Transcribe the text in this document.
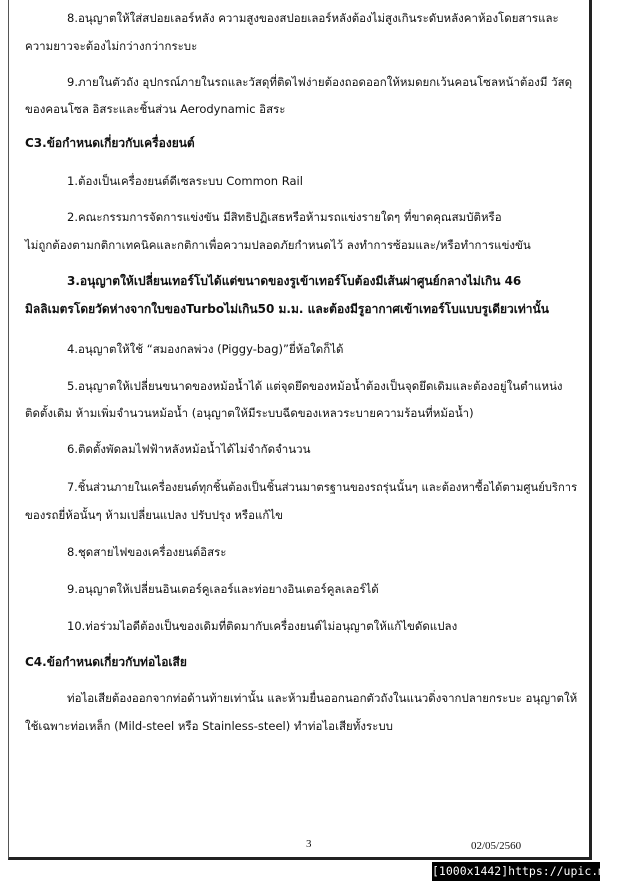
8.อนุญาตให้ใส่สปอยเลอร์หลัง ความสูงของสปอยเลอร์หลังต้องไม่สูงเกินระดับหลังคาห้องโดยสารและ
ความยาวจะต้องไม่กว่างกว่ากระบะ
9.ภายในตัวถัง อุปกรณ์ภายในรถและวัสดุที่ติดไฟง่ายต้องถอดออกให้หมดยกเว้นคอนโซลหน้าต้องมี วัสดุ
ของคอนโซล อิสระและชิ้นส่วน Aerodynamic อิสระ
C3.ข้อกำหนดเกี่ยวกับเครื่องยนต์
1.ต้องเป็นเครื่องยนต์ดีเซลระบบ Common Rail
2.คณะกรรมการจัดการแข่งขัน มีสิทธิปฏิเสธหรือห้ามรถแข่งรายใดๆ ที่ขาดคุณสมบัติหรือ
ไม่ถูกต้องตามกติกาเทคนิคและกติกาเพื่อความปลอดภัยกำหนดไว้ ลงทำการซ้อมและ/หรือทำการแข่งขัน
3.อนุญาตให้เปลี่ยนเทอร์โบได้แต่ขนาดของรูเข้าเทอร์โบต้องมีเส้นผ่าศูนย์กลางไม่เกิน 46
มิลลิเมตรโดยวัดห่างจากใบของTurboไม่เกิน50 ม.ม. และต้องมีรูอากาศเข้าเทอร์โบแบบรูเดียวเท่านั้น
4.อนุญาตให้ใช้ “สมองกลพ่วง (Piggy-bag)”ยี่ห้อใดก็ได้
5.อนุญาตให้เปลี่ยนขนาดของหม้อน้ำได้ แต่จุดยึดของหม้อน้ำต้องเป็นจุดยึดเดิมและต้องอยู่ในตำแหน่ง
ติดตั้งเดิม ห้ามเพิ่มจำนวนหม้อน้ำ (อนุญาตให้มีระบบฉีดของเหลวระบายความร้อนที่หม้อน้ำ)
6.ติดตั้งพัดลมไฟฟ้าหลังหม้อน้ำได้ไม่จำกัดจำนวน
7.ชิ้นส่วนภายในเครื่องยนต์ทุกชิ้นต้องเป็นชิ้นส่วนมาตรฐานของรถรุ่นนั้นๆ และต้องหาซื้อได้ตามศูนย์บริการ
ของรถยี่ห้อนั้นๆ ห้ามเปลี่ยนแปลง ปรับปรุง หรือแก้ไข
8.ชุดสายไฟของเครื่องยนต์อิสระ
9.อนุญาตให้เปลี่ยนอินเตอร์คูเลอร์และท่อยางอินเตอร์คูลเลอร์ได้
10.ท่อร่วมไอดีต้องเป็นของเดิมที่ติดมากับเครื่องยนต์ไม่อนุญาตให้แก้ไขดัดแปลง
C4.ข้อกำหนดเกี่ยวกับท่อไอเสีย
ท่อไอเสียต้องออกจากท่อด้านท้ายเท่านั้น และห้ามยื่นออกนอกตัวถังในแนวดิ่งจากปลายกระบะ อนุญาตให้
ใช้เฉพาะท่อเหล็ก (Mild-steel หรือ Stainless-steel) ทำท่อไอเสียทั้งระบบ
3	02/05/2560
[1000x1442]https://upic.me/
